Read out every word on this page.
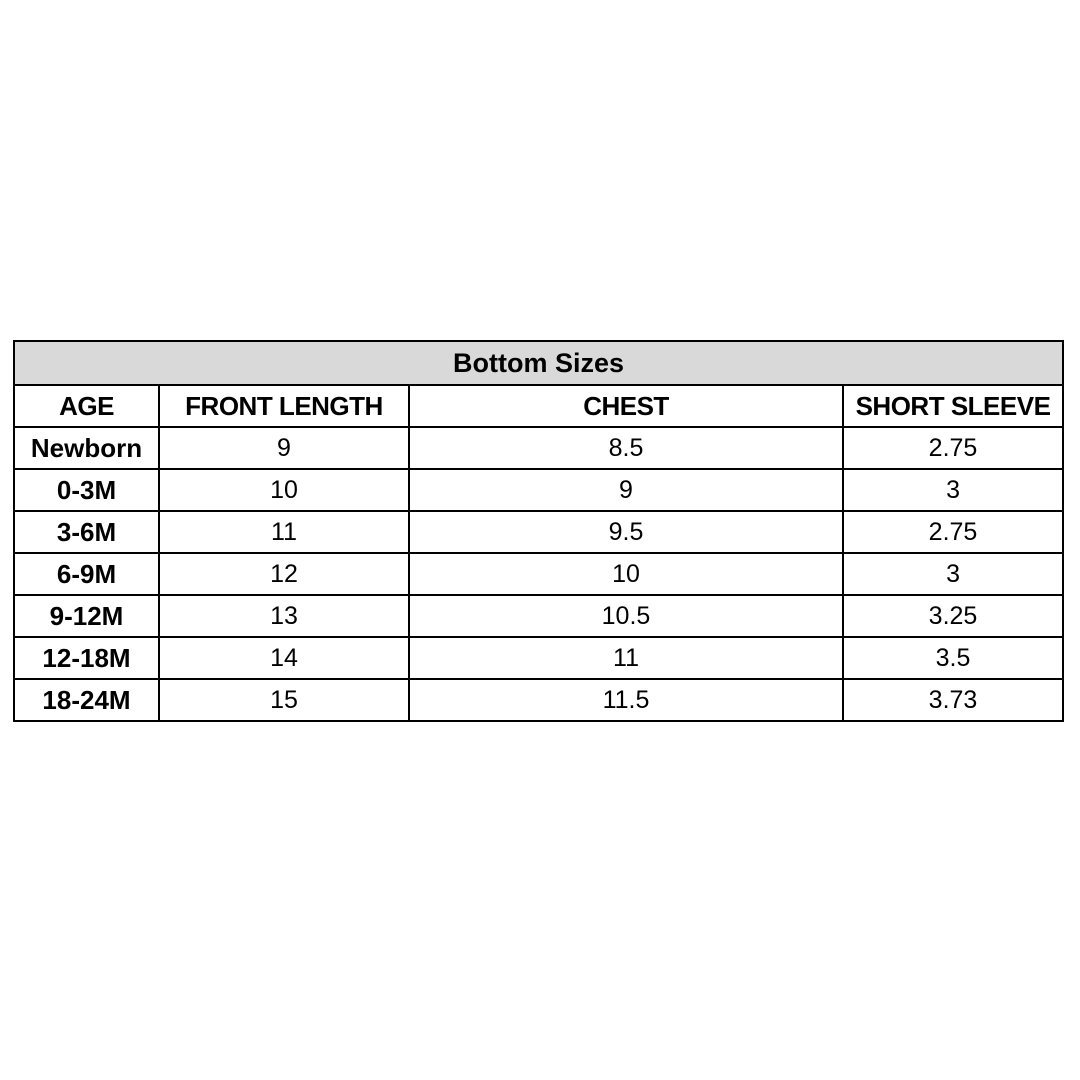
Bottom Sizes			
AGE	FRONT LENGTH	CHEST	SHORT SLEEVE
Newborn	9	8.5	2.75
0-3M	10	9	3
3-6M	11	9.5	2.75
6-9M	12	10	3
9-12M	13	10.5	3.25
12-18M	14	11	3.5
18-24M	15	11.5	3.73
